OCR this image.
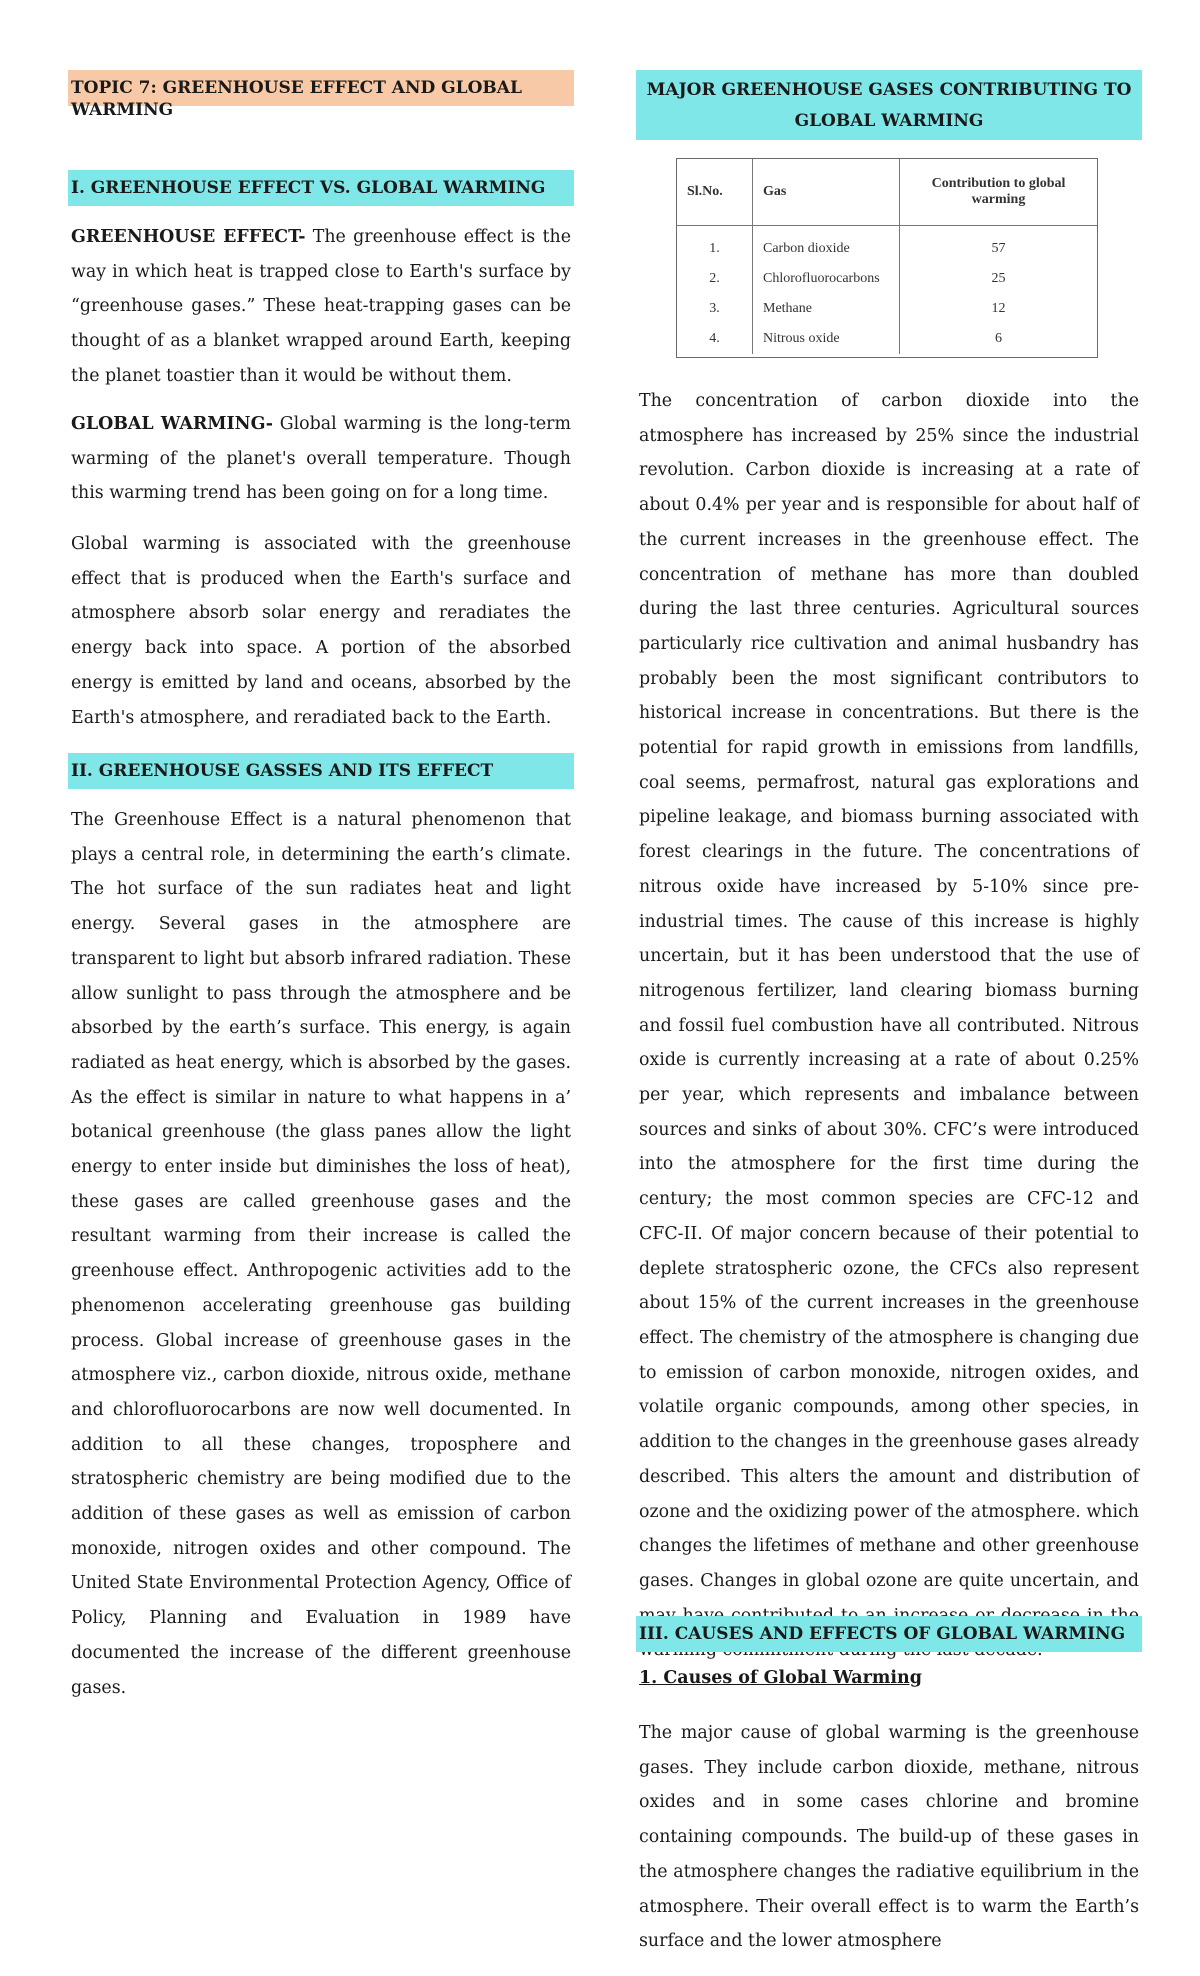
TOPIC 7: GREENHOUSE EFFECT AND GLOBAL WARMING
I. GREENHOUSE EFFECT VS. GLOBAL WARMING
GREENHOUSE EFFECT- The greenhouse effect is the way in which heat is trapped close to Earth's surface by “greenhouse gases.” These heat-trapping gases can be thought of as a blanket wrapped around Earth, keeping the planet toastier than it would be without them.
GLOBAL WARMING- Global warming is the long-term warming of the planet's overall temperature. Though this warming trend has been going on for a long time.
Global warming is associated with the greenhouse effect that is produced when the Earth's surface and atmosphere absorb solar energy and reradiates the energy back into space. A portion of the absorbed energy is emitted by land and oceans, absorbed by the Earth's atmosphere, and reradiated back to the Earth.
II. GREENHOUSE GASSES AND ITS EFFECT
The Greenhouse Effect is a natural phenomenon that plays a central role, in determining the earth’s climate. The hot surface of the sun radiates heat and light energy. Several gases in the atmosphere are transparent to light but absorb infrared radiation. These allow sunlight to pass through the atmosphere and be absorbed by the earth’s surface. This energy, is again radiated as heat energy, which is absorbed by the gases. As the effect is similar in nature to what happens in a’ botanical greenhouse (the glass panes allow the light energy to enter inside but diminishes the loss of heat), these gases are called greenhouse gases and the resultant warming from their increase is called the greenhouse effect. Anthropogenic activities add to the phenomenon accelerating greenhouse gas building process. Global increase of greenhouse gases in the atmosphere viz., carbon dioxide, nitrous oxide, methane and chlorofluorocarbons are now well documented. In addition to all these changes, troposphere and stratospheric chemistry are being modified due to the addition of these gases as well as emission of carbon monoxide, nitrogen oxides and other compound. The United State Environmental Protection Agency, Office of Policy, Planning and Evaluation in 1989 have documented the increase of the different greenhouse gases.
MAJOR GREENHOUSE GASES CONTRIBUTING TO GLOBAL WARMING
Sl.No.	Gas	Contribution to global warming
1.	Carbon dioxide	57
2.	Chlorofluorocarbons	25
3.	Methane	12
4.	Nitrous oxide	6
The concentration of carbon dioxide into the atmosphere has increased by 25% since the industrial revolution. Carbon dioxide is increasing at a rate of about 0.4% per year and is responsible for about half of the current increases in the greenhouse effect. The concentration of methane has more than doubled during the last three centuries. Agricultural sources particularly rice cultivation and animal husbandry has probably been the most significant contributors to historical increase in concentrations. But there is the potential for rapid growth in emissions from landfills, coal seems, permafrost, natural gas explorations and pipeline leakage, and biomass burning associated with forest clearings in the future. The concentrations of nitrous oxide have increased by 5-10% since pre-industrial times. The cause of this increase is highly uncertain, but it has been understood that the use of nitrogenous fertilizer, land clearing biomass burning and fossil fuel combustion have all contributed. Nitrous oxide is currently increasing at a rate of about 0.25% per year, which represents and imbalance between sources and sinks of about 30%. CFC’s were introduced into the atmosphere for the first time during the century; the most common species are CFC-12 and CFC-II. Of major concern because of their potential to deplete stratospheric ozone, the CFCs also represent about 15% of the current increases in the greenhouse effect. The chemistry of the atmosphere is changing due to emission of carbon monoxide, nitrogen oxides, and volatile organic compounds, among other species, in addition to the changes in the greenhouse gases already described. This alters the amount and distribution of ozone and the oxidizing power of the atmosphere. which changes the lifetimes of methane and other greenhouse gases. Changes in global ozone are quite uncertain, and
III. CAUSES AND EFFECTS OF GLOBAL WARMING
1. Causes of Global Warming
The major cause of global warming is the greenhouse gases. They include carbon dioxide, methane, nitrous oxides and in some cases chlorine and bromine containing compounds. The build-up of these gases in the atmosphere changes the radiative equilibrium in the atmosphere. Their overall effect is to warm the Earth’s surface and the lower atmosphere
